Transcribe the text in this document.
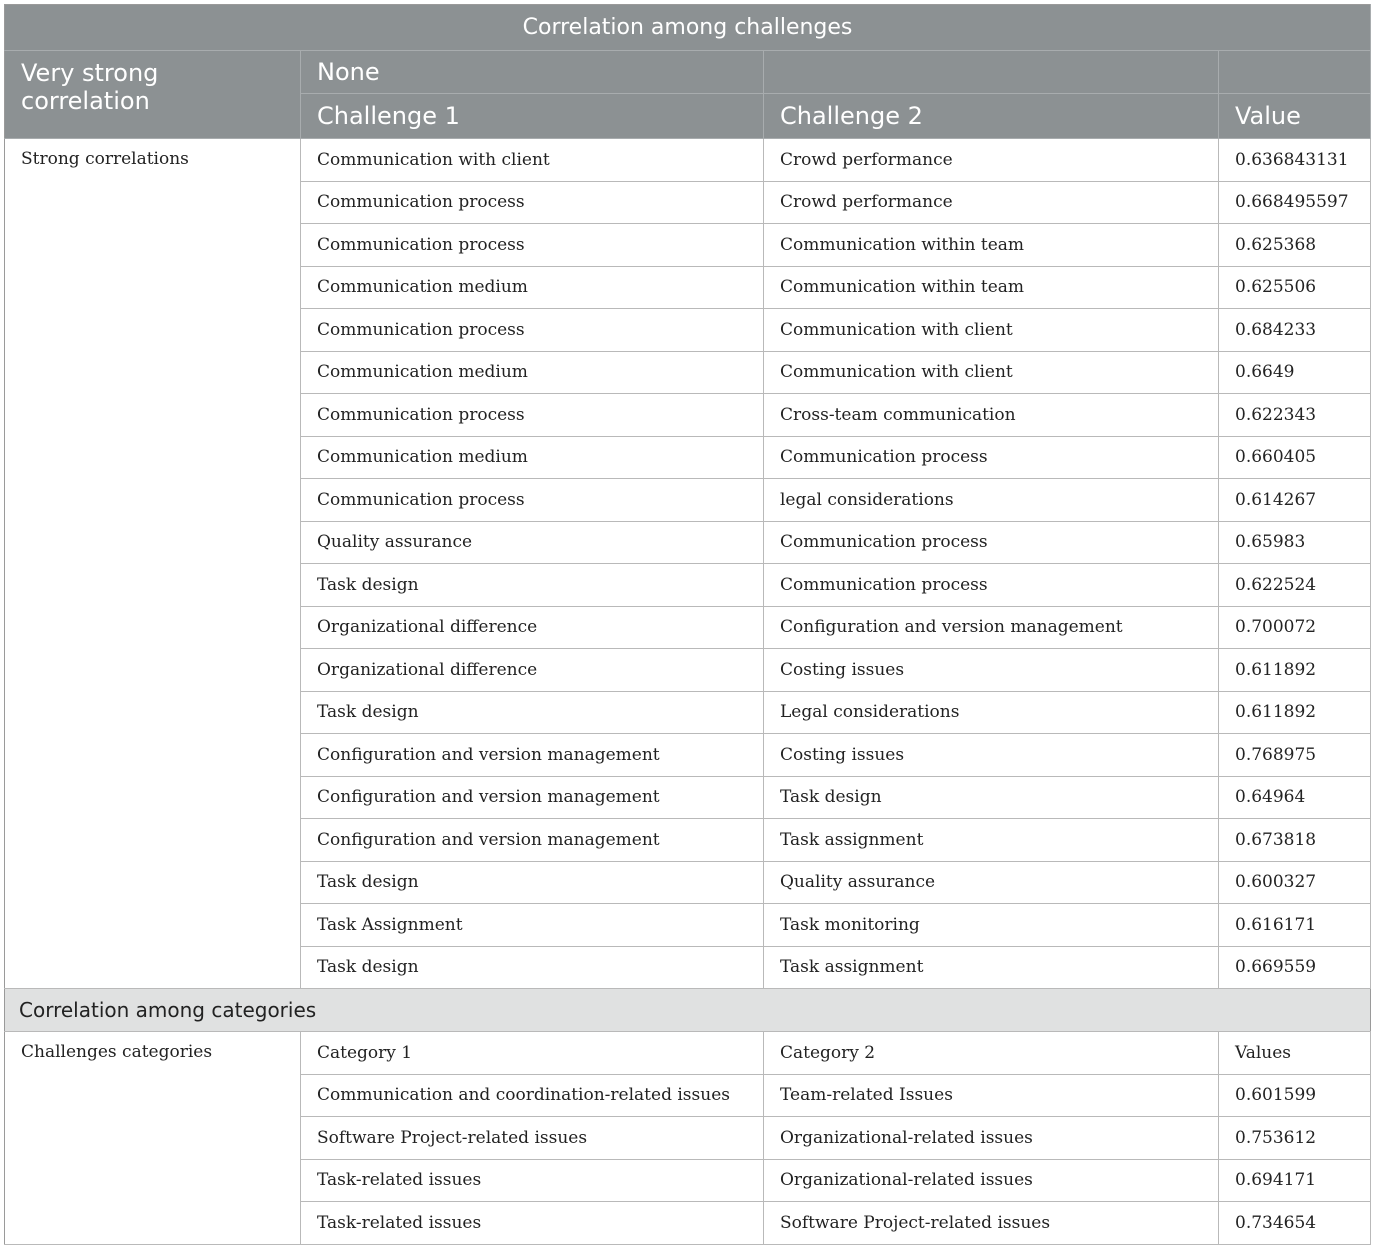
Correlation among challenges			
Very strong correlation	None		
	Challenge 1	Challenge 2	Value
Strong correlations	Communication with client	Crowd performance	0.636843131
	Communication process	Crowd performance	0.668495597
	Communication process	Communication within team	0.625368
	Communication medium	Communication within team	0.625506
	Communication process	Communication with client	0.684233
	Communication medium	Communication with client	0.6649
	Communication process	Cross-team communication	0.622343
	Communication medium	Communication process	0.660405
	Communication process	legal considerations	0.614267
	Quality assurance	Communication process	0.65983
	Task design	Communication process	0.622524
	Organizational difference	Configuration and version management	0.700072
	Organizational difference	Costing issues	0.611892
	Task design	Legal considerations	0.611892
	Configuration and version management	Costing issues	0.768975
	Configuration and version management	Task design	0.64964
	Configuration and version management	Task assignment	0.673818
	Task design	Quality assurance	0.600327
	Task Assignment	Task monitoring	0.616171
	Task design	Task assignment	0.669559
Correlation among categories			
Challenges categories	Category 1	Category 2	Values
	Communication and coordination-related issues	Team-related Issues	0.601599
	Software Project-related issues	Organizational-related issues	0.753612
	Task-related issues	Organizational-related issues	0.694171
	Task-related issues	Software Project-related issues	0.734654
